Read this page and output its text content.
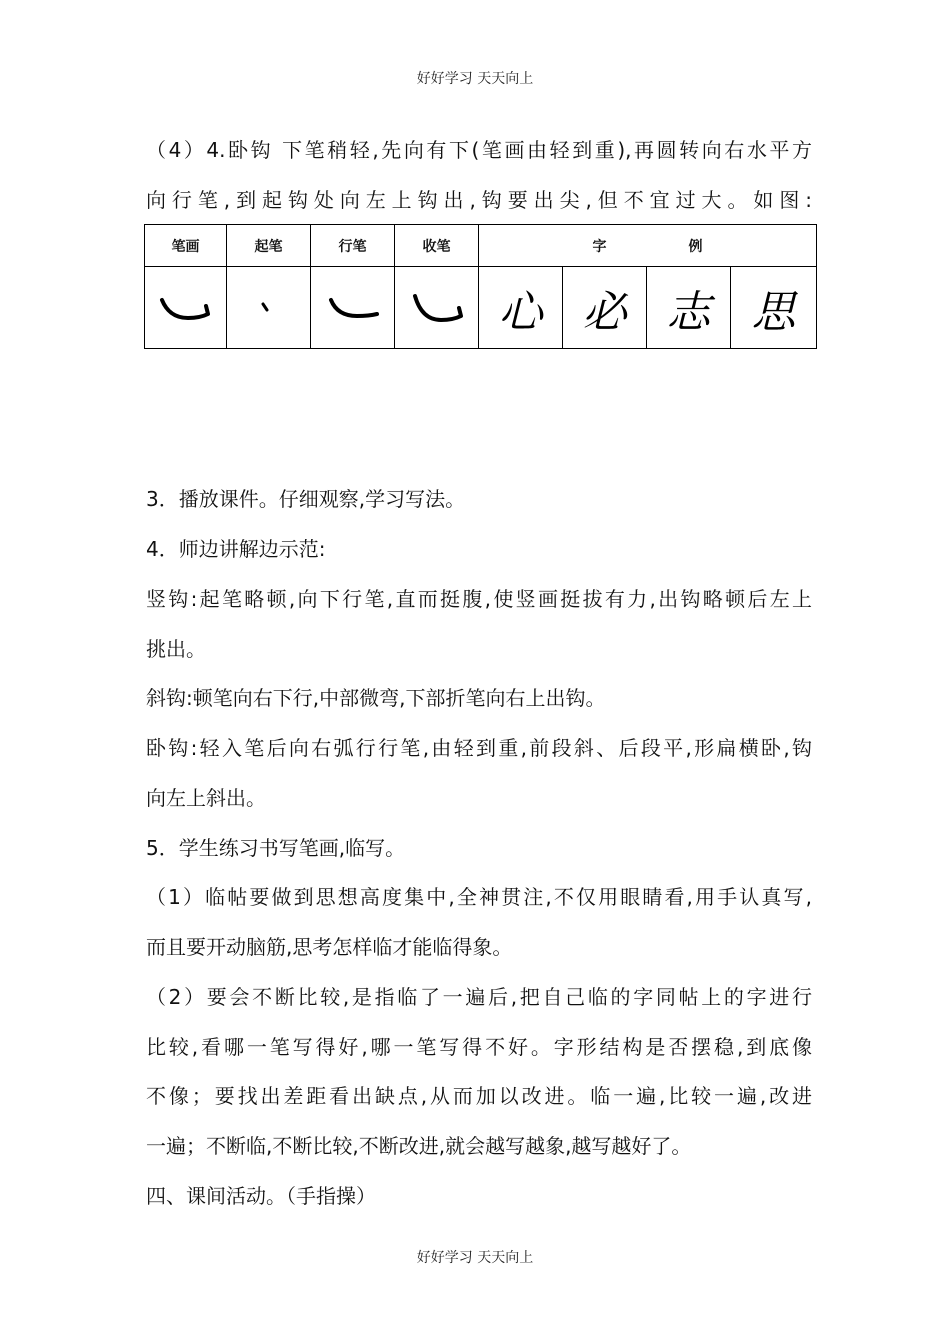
好好学习 天天向上
（4）4.卧钩 下笔稍轻,先向有下(笔画由轻到重),再圆转向右水平方
向行笔,到起钩处向左上钩出,钩要出尖,但不宜过大。如图:
笔画	起笔	行笔	收笔	字 例			

	心	必	志	思
3．播放课件。仔细观察,学习写法。
4．师边讲解边示范:
竖钩:起笔略顿,向下行笔,直而挺腹,使竖画挺拔有力,出钩略顿后左上
挑出。
斜钩:顿笔向右下行,中部微弯,下部折笔向右上出钩。
卧钩:轻入笔后向右弧行行笔,由轻到重,前段斜、后段平,形扁横卧,钩
向左上斜出。
5．学生练习书写笔画,临写。
（1）临帖要做到思想高度集中,全神贯注,不仅用眼睛看,用手认真写,
而且要开动脑筋,思考怎样临才能临得象。
（2）要会不断比较,是指临了一遍后,把自己临的字同帖上的字进行
比较,看哪一笔写得好,哪一笔写得不好。字形结构是否摆稳,到底像
不像；要找出差距看出缺点,从而加以改进。临一遍,比较一遍,改进
一遍；不断临,不断比较,不断改进,就会越写越象,越写越好了。
四、课间活动。（手指操）
好好学习 天天向上
